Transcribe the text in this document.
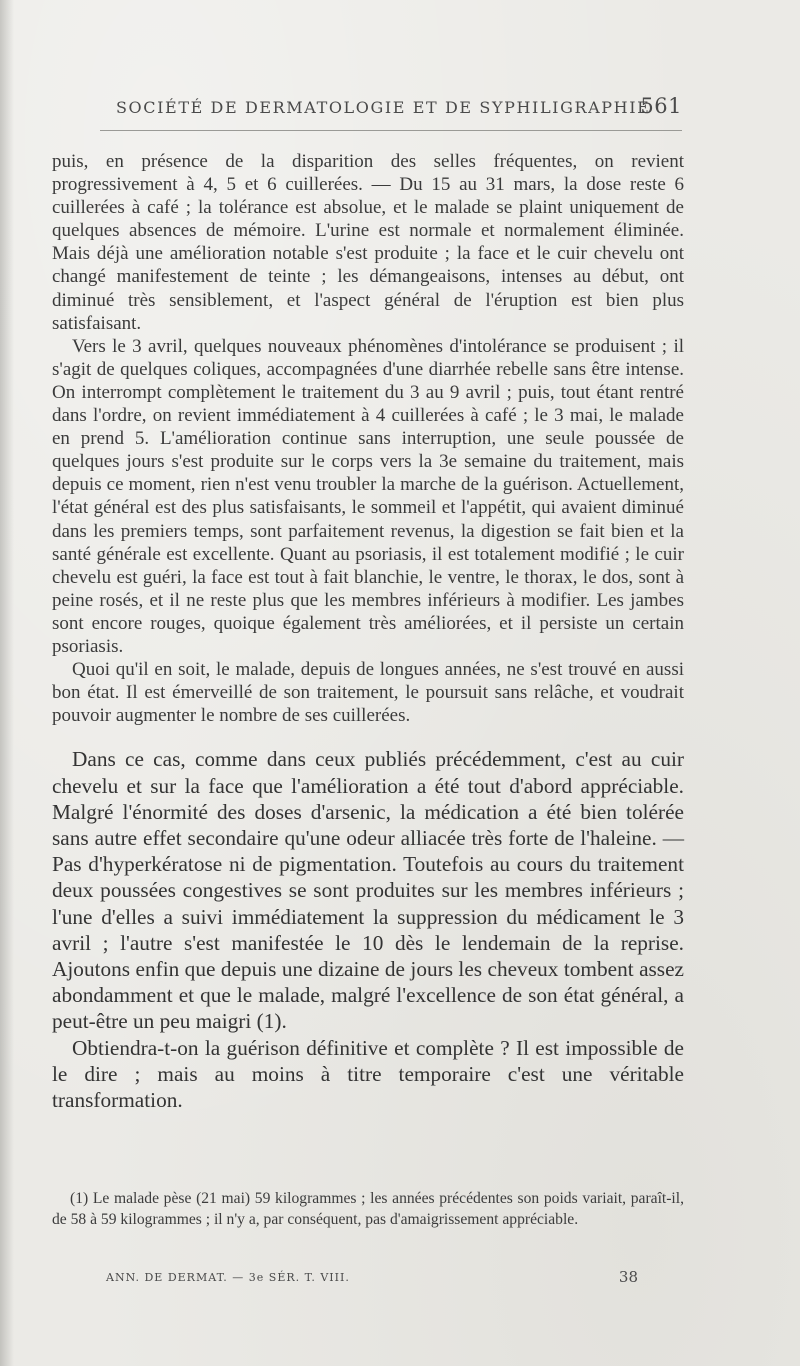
SOCIÉTÉ DE DERMATOLOGIE ET DE SYPHILIGRAPHIE
561

puis, en présence de la disparition des selles fréquentes, on revient progressivement à 4, 5 et 6 cuillerées. — Du 15 au 31 mars, la dose reste 6 cuillerées à café ; la tolérance est absolue, et le malade se plaint uniquement de quelques absences de mémoire. L'urine est normale et normalement éliminée. Mais déjà une amélioration notable s'est produite ; la face et le cuir chevelu ont changé manifestement de teinte ; les démangeaisons, intenses au début, ont diminué très sensiblement, et l'aspect général de l'éruption est bien plus satisfaisant.

Vers le 3 avril, quelques nouveaux phénomènes d'intolérance se produisent ; il s'agit de quelques coliques, accompagnées d'une diarrhée rebelle sans être intense. On interrompt complètement le traitement du 3 au 9 avril ; puis, tout étant rentré dans l'ordre, on revient immédiatement à 4 cuillerées à café ; le 3 mai, le malade en prend 5. L'amélioration continue sans interruption, une seule poussée de quelques jours s'est produite sur le corps vers la 3e semaine du traitement, mais depuis ce moment, rien n'est venu troubler la marche de la guérison. Actuellement, l'état général est des plus satisfaisants, le sommeil et l'appétit, qui avaient diminué dans les premiers temps, sont parfaitement revenus, la digestion se fait bien et la santé générale est excellente. Quant au psoriasis, il est totalement modifié ; le cuir chevelu est guéri, la face est tout à fait blanchie, le ventre, le thorax, le dos, sont à peine rosés, et il ne reste plus que les membres inférieurs à modifier. Les jambes sont encore rouges, quoique également très améliorées, et il persiste un certain psoriasis.

Quoi qu'il en soit, le malade, depuis de longues années, ne s'est trouvé en aussi bon état. Il est émerveillé de son traitement, le poursuit sans relâche, et voudrait pouvoir augmenter le nombre de ses cuillerées.

Dans ce cas, comme dans ceux publiés précédemment, c'est au cuir chevelu et sur la face que l'amélioration a été tout d'abord appréciable. Malgré l'énormité des doses d'arsenic, la médication a été bien tolérée sans autre effet secondaire qu'une odeur alliacée très forte de l'haleine. — Pas d'hyperkératose ni de pigmentation. Toutefois au cours du traitement deux poussées congestives se sont produites sur les membres inférieurs ; l'une d'elles a suivi immédiatement la suppression du médicament le 3 avril ; l'autre s'est manifestée le 10 dès le lendemain de la reprise. Ajoutons enfin que depuis une dizaine de jours les cheveux tombent assez abondamment et que le malade, malgré l'excellence de son état général, a peut-être un peu maigri (1).

Obtiendra-t-on la guérison définitive et complète ? Il est impossible de le dire ; mais au moins à titre temporaire c'est une véritable transformation.

(1) Le malade pèse (21 mai) 59 kilogrammes ; les années précédentes son poids variait, paraît-il, de 58 à 59 kilogrammes ; il n'y a, par conséquent, pas d'amaigrissement appréciable.
ANN. DE DERMAT. — 3e SÉR. T. VIII.	38
